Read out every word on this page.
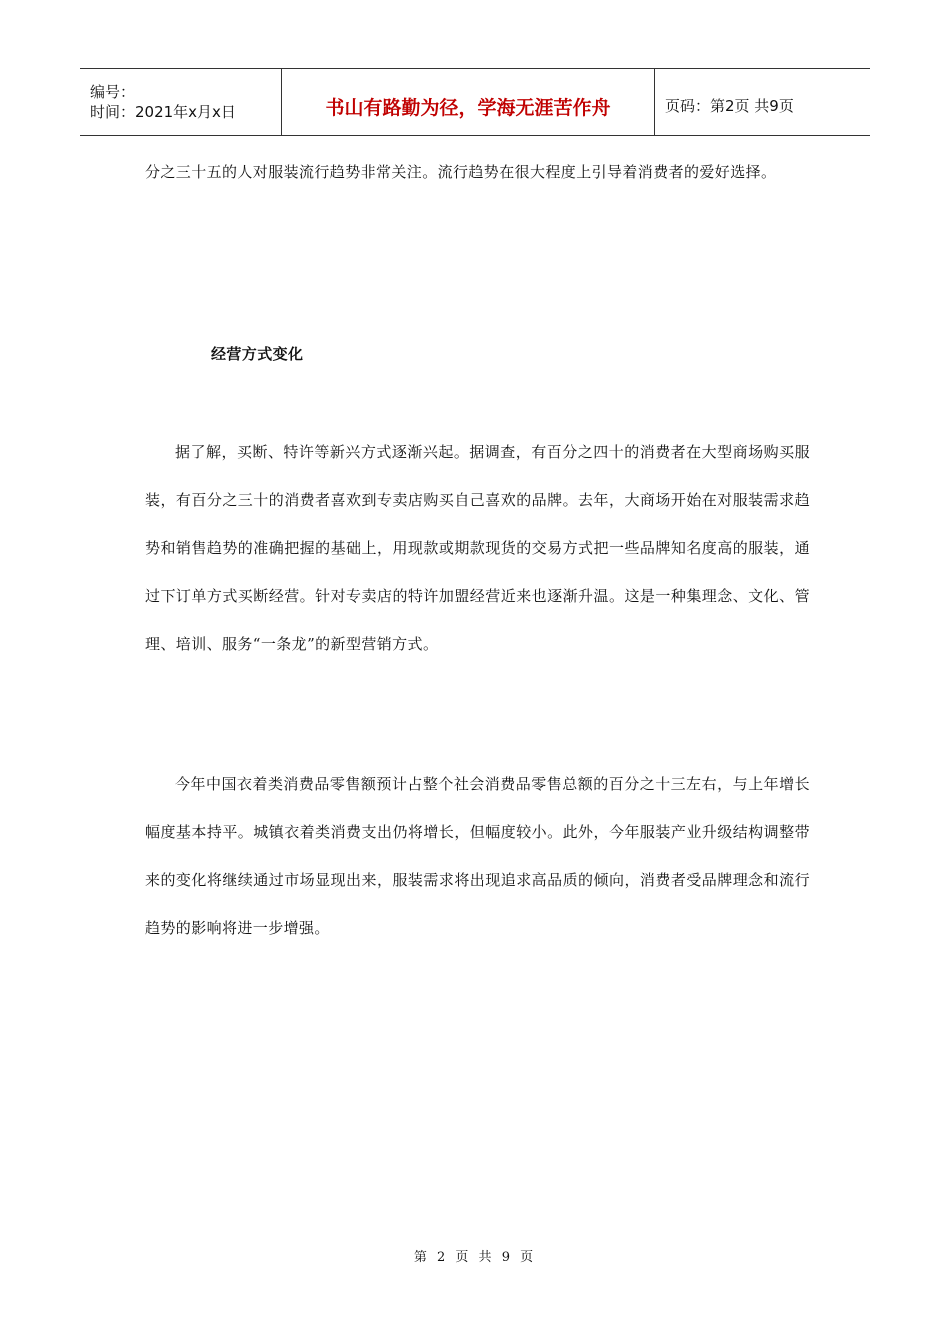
编号：
时间：2021年x月x日	书山有路勤为径，学海无涯苦作舟	页码：第2页 共9页

分之三十五的人对服装流行趋势非常关注。流行趋势在很大程度上引导着消费者的爱好选择。

经营方式变化

据了解，买断、特许等新兴方式逐渐兴起。据调查，有百分之四十的消费者在大型商场购买服装，有百分之三十的消费者喜欢到专卖店购买自己喜欢的品牌。去年，大商场开始在对服装需求趋势和销售趋势的准确把握的基础上，用现款或期款现货的交易方式把一些品牌知名度高的服装，通过下订单方式买断经营。针对专卖店的特许加盟经营近来也逐渐升温。这是一种集理念、文化、管理、培训、服务“一条龙”的新型营销方式。

今年中国衣着类消费品零售额预计占整个社会消费品零售总额的百分之十三左右，与上年增长幅度基本持平。城镇衣着类消费支出仍将增长，但幅度较小。此外，今年服装产业升级结构调整带来的变化将继续通过市场显现出来，服装需求将出现追求高品质的倾向，消费者受品牌理念和流行趋势的影响将进一步增强。

第 2 页 共 9 页
